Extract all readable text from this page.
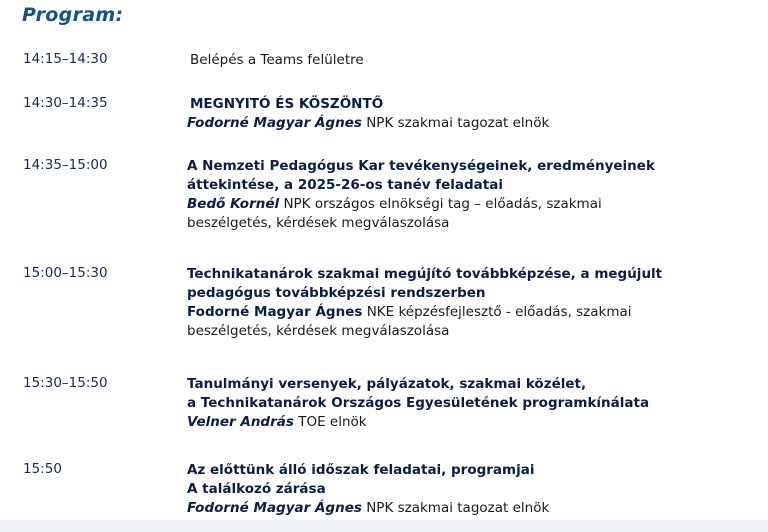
Program:
14:15–14:30	Belépés a Teams felületre
14:30–14:35	MEGNYITÓ ÉS KÖSZÖNTŐ
Fodorné Magyar Ágnes NPK szakmai tagozat elnök
14:35–15:00	A Nemzeti Pedagógus Kar tevékenységeinek, eredményeinek
áttekintése, a 2025-26-os tanév feladatai
Bedő Kornél NPK országos elnökségi tag – előadás, szakmai
beszélgetés, kérdések megválaszolása
15:00–15:30	Technikatanárok szakmai megújító továbbképzése, a megújult
pedagógus továbbképzési rendszerben
Fodorné Magyar Ágnes NKE képzésfejlesztő - előadás, szakmai
beszélgetés, kérdések megválaszolása
15:30–15:50	Tanulmányi versenyek, pályázatok, szakmai közélet,
a Technikatanárok Országos Egyesületének programkínálata
Velner András TOE elnök
15:50	Az előttünk álló időszak feladatai, programjai
A találkozó zárása
Fodorné Magyar Ágnes NPK szakmai tagozat elnök
